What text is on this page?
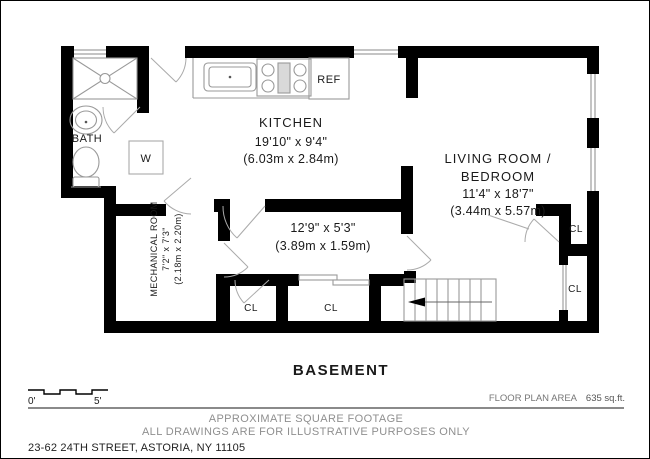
BATH
W
REF
KITCHEN
19'10" x 9'4"
(6.03m x 2.84m)	LIVING ROOM /
BEDROOM
11'4" x 18'7"
(3.44m x 5.57m)
12'9" x 5'3"
(3.89m x 1.59m)
MECHANICAL ROOM 7'2" x 7'3" (2.18m x 2.20m)
CL	CL
CL
CL
BASEMENT
0'	5'	FLOOR PLAN AREA 635 sq.ft.
APPROXIMATE SQUARE FOOTAGE
ALL DRAWINGS ARE FOR ILLUSTRATIVE PURPOSES ONLY
23-62 24TH STREET, ASTORIA, NY 11105
